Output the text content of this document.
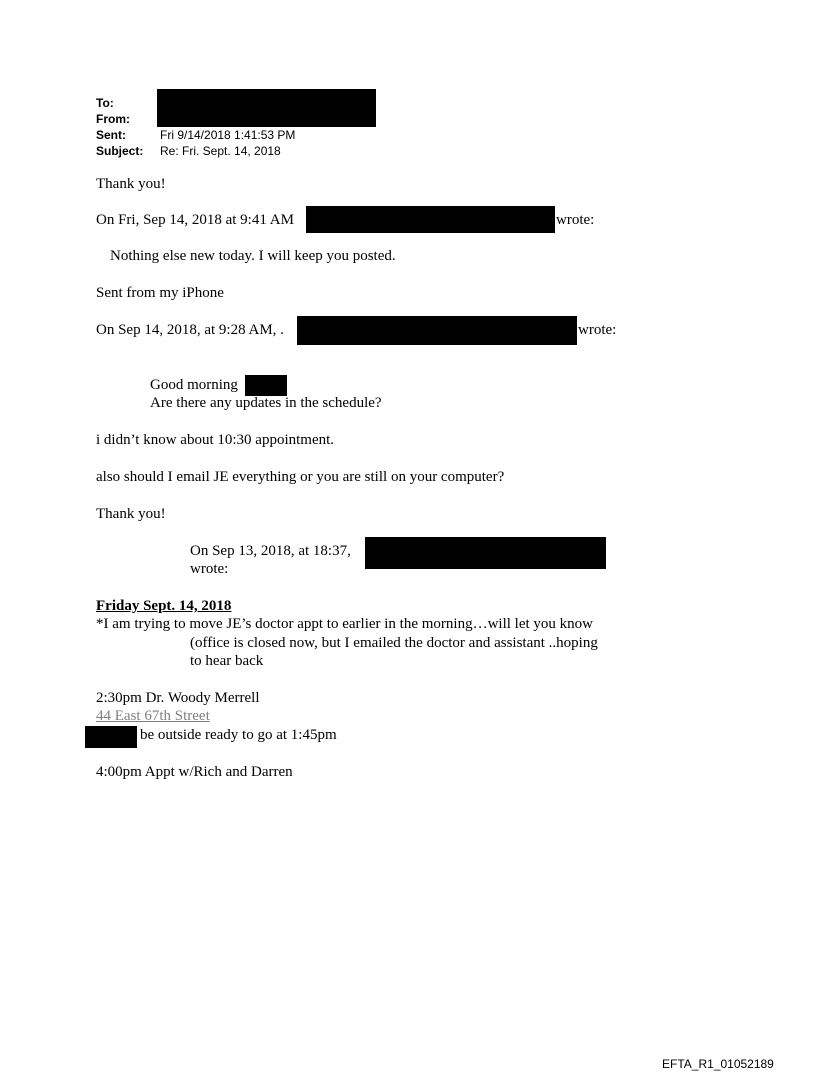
To:
From:
Sent:	Fri 9/14/2018 1:41:53 PM
Subject: Re: Fri. Sept. 14, 2018
Thank you!
On Fri, Sep 14, 2018 at 9:41 AM	wrote:
Nothing else new today. I will keep you posted.
Sent from my iPhone
On Sep 14, 2018, at 9:28 AM, .	wrote:
Good morning
Are there any updates in the schedule?
i didn’t know about 10:30 appointment.
also should I email JE everything or you are still on your computer?
Thank you!
On Sep 13, 2018, at 18:37,
wrote:
Friday Sept. 14, 2018
*I am trying to move JE’s doctor appt to earlier in the morning…will let you know
(office is closed now, but I emailed the doctor and assistant ..hoping
to hear back
2:30pm Dr. Woody Merrell
44 East 67th Street
be outside ready to go at 1:45pm
4:00pm Appt w/Rich and Darren
EFTA_R1_01052189
